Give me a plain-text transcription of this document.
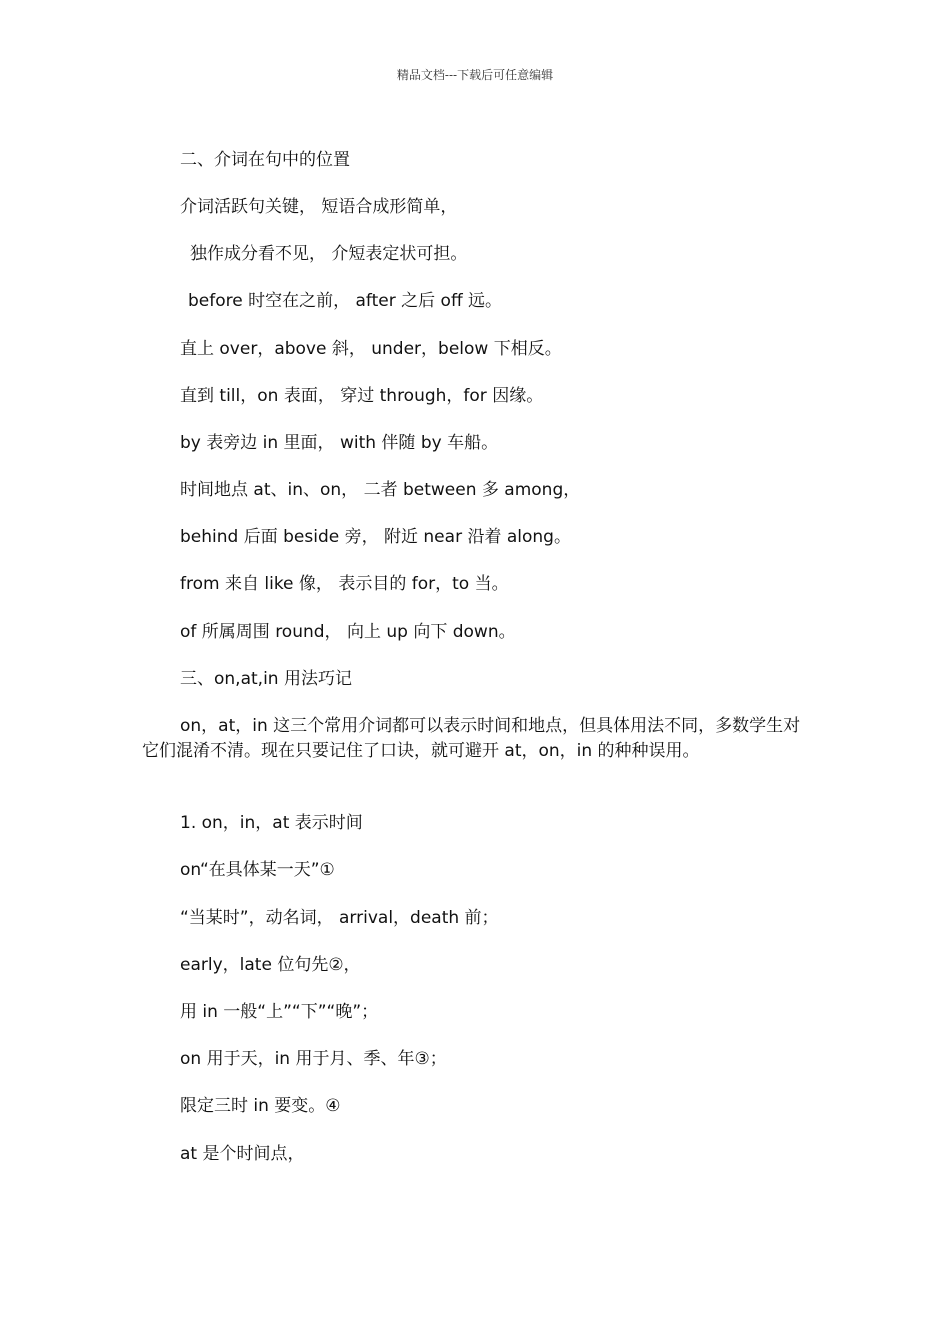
精品文档---下载后可任意编辑
二、介词在句中的位置
介词活跃句关键， 短语合成形简单，
独作成分看不见， 介短表定状可担。
before 时空在之前， after 之后 off 远。
直上 over，above 斜， under，below 下相反。
直到 till，on 表面， 穿过 through，for 因缘。
by 表旁边 in 里面， with 伴随 by 车船。
时间地点 at、in、on， 二者 between 多 among，
behind 后面 beside 旁， 附近 near 沿着 along。
from 来自 like 像， 表示目的 for，to 当。
of 所属周围 round， 向上 up 向下 down。
三、on,at,in 用法巧记
on，at，in 这三个常用介词都可以表示时间和地点，但具体用法不同，多数学生对它们混淆不清。现在只要记住了口诀，就可避开 at，on，in 的种种误用。
1. on，in，at 表示时间
on“在具体某一天”①
“当某时”，动名词， arrival，death 前；
early，late 位句先②，
用 in 一般“上”“下”“晚”；
on 用于天，in 用于月、季、年③；
限定三时 in 要变。④
at 是个时间点，
